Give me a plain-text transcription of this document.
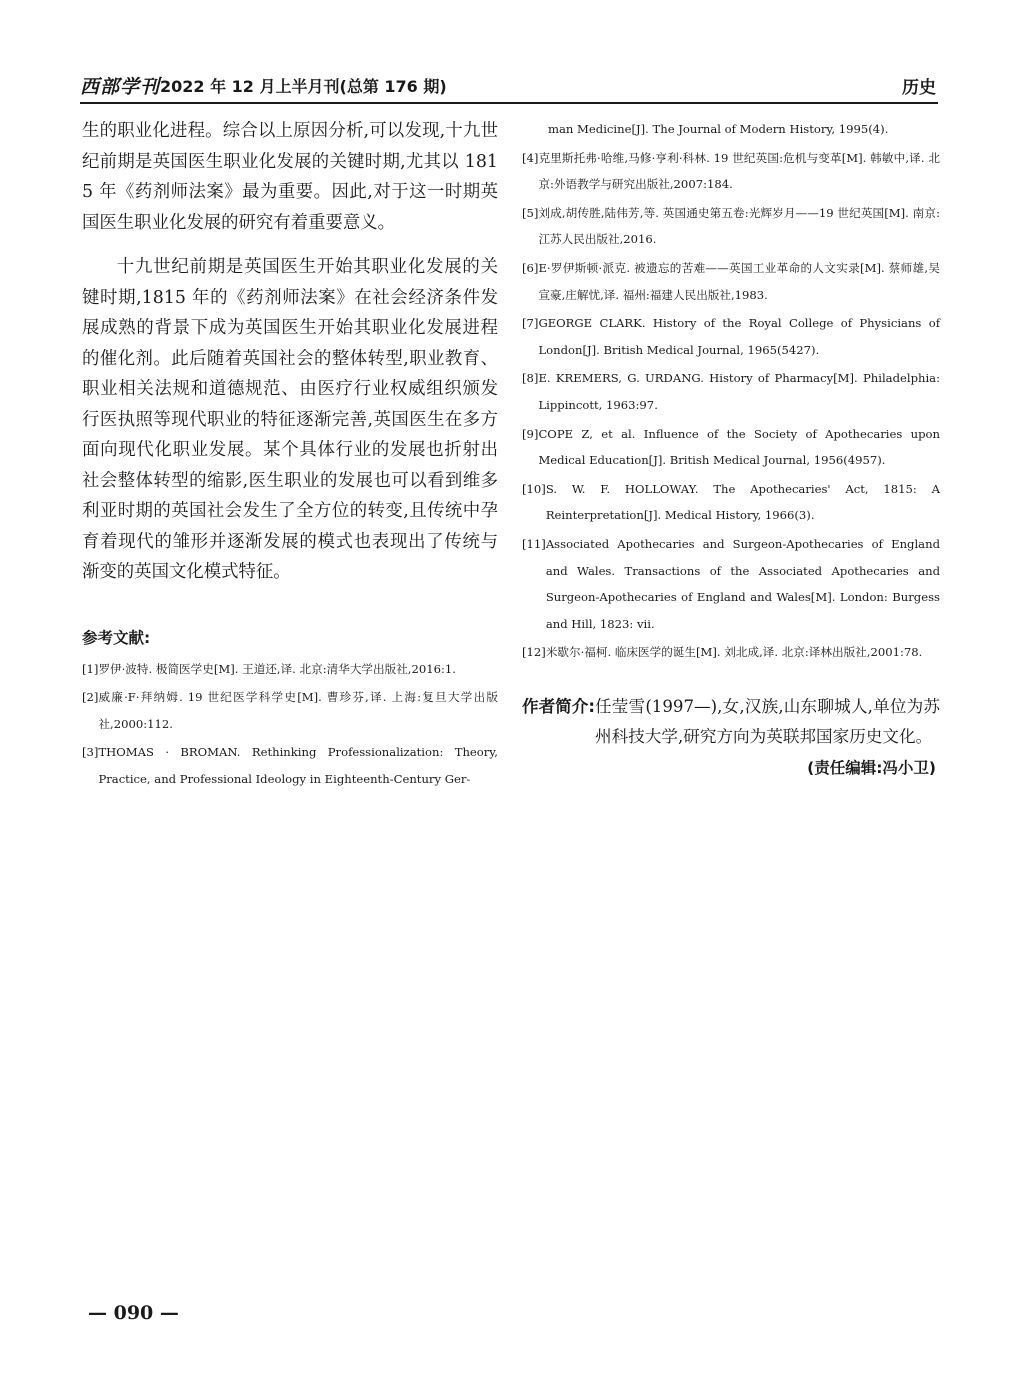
西部学刊 2022 年 12 月上半月刊(总第 176 期)	历史

生的职业化进程。综合以上原因分析,可以发现,十九世纪前期是英国医生职业化发展的关键时期,尤其以 1815 年《药剂师法案》最为重要。因此,对于这一时期英国医生职业化发展的研究有着重要意义。

十九世纪前期是英国医生开始其职业化发展的关键时期,1815 年的《药剂师法案》在社会经济条件发展成熟的背景下成为英国医生开始其职业化发展进程的催化剂。此后随着英国社会的整体转型,职业教育、职业相关法规和道德规范、由医疗行业权威组织颁发行医执照等现代职业的特征逐渐完善,英国医生在多方面向现代化职业发展。某个具体行业的发展也折射出社会整体转型的缩影,医生职业的发展也可以看到维多利亚时期的英国社会发生了全方位的转变,且传统中孕育着现代的雏形并逐渐发展的模式也表现出了传统与渐变的英国文化模式特征。

参考文献:
[1] 罗伊·波特. 极简医学史[M]. 王道还,译. 北京:清华大学出版社,2016:1.
[2] 威廉·F·拜纳姆. 19 世纪医学科学史[M]. 曹珍芬,译. 上海:复旦大学出版社,2000:112.
[3] THOMAS · BROMAN. Rethinking Professionalization: Theory, Practice, and Professional Ideology in Eighteenth-Century Ger-
man Medicine[J]. The Journal of Modern History, 1995(4).
[4] 克里斯托弗·哈维,马修·亨利·科林. 19 世纪英国:危机与变革[M]. 韩敏中,译. 北京:外语教学与研究出版社,2007:184.
[5] 刘成,胡传胜,陆伟芳,等. 英国通史第五卷:光辉岁月——19 世纪英国[M]. 南京:江苏人民出版社,2016.
[6] E·罗伊斯顿·派克. 被遗忘的苦难——英国工业革命的人文实录[M]. 蔡师雄,吴宣豪,庄解忧,译. 福州:福建人民出版社,1983.
[7] GEORGE CLARK. History of the Royal College of Physicians of London[J]. British Medical Journal, 1965(5427).
[8] E. KREMERS, G. URDANG. History of Pharmacy[M]. Philadelphia: Lippincott, 1963:97.
[9] COPE Z, et al. Influence of the Society of Apothecaries upon Medical Education[J]. British Medical Journal, 1956(4957).
[10] S. W. F. HOLLOWAY. The Apothecaries' Act, 1815: A Reinterpretation[J]. Medical History, 1966(3).
[11] Associated Apothecaries and Surgeon-Apothecaries of England and Wales. Transactions of the Associated Apothecaries and Surgeon-Apothecaries of England and Wales[M]. London: Burgess and Hill, 1823: vii.
[12] 米歇尔·福柯. 临床医学的诞生[M]. 刘北成,译. 北京:译林出版社,2001:78.
作者简介: 任莹雪(1997—),女,汉族,山东聊城人,单位为苏州科技大学,研究方向为英联邦国家历史文化。
(责任编辑:冯小卫)
— 090 —
